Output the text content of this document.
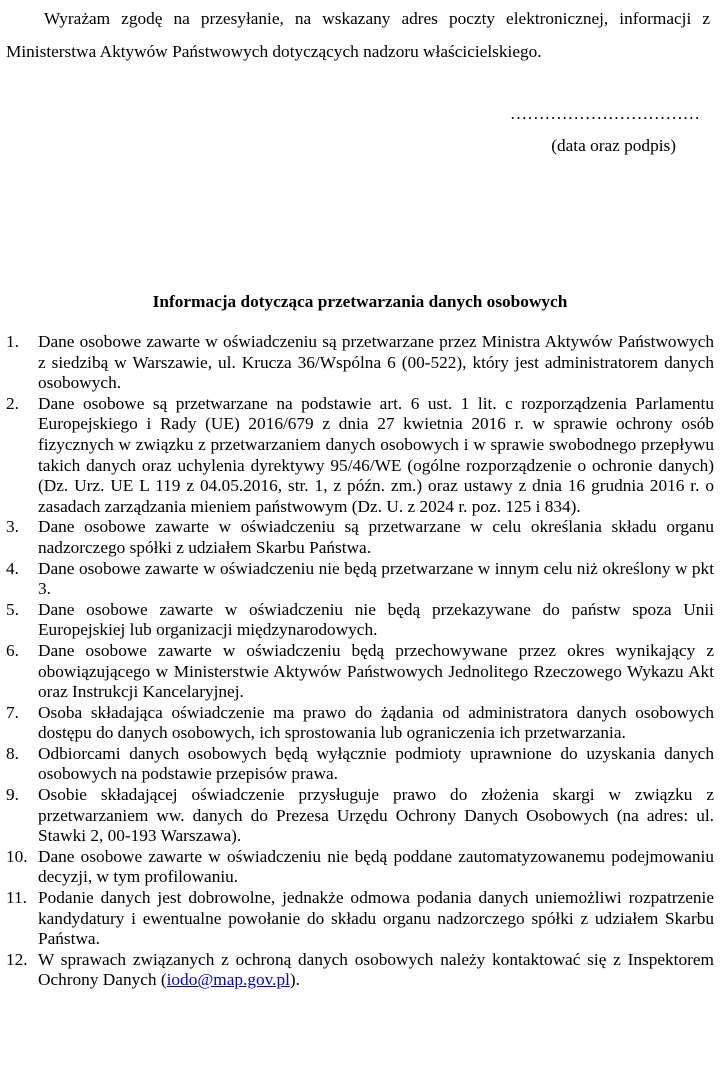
Wyrażam zgodę na przesyłanie, na wskazany adres poczty elektronicznej, informacji z Ministerstwa Aktywów Państwowych dotyczących nadzoru właścicielskiego.

……………………………

(data oraz podpis)

Informacja dotycząca przetwarzania danych osobowych
1.	Dane osobowe zawarte w oświadczeniu są przetwarzane przez Ministra Aktywów Państwowych z siedzibą w Warszawie, ul. Krucza 36/Wspólna 6 (00-522), który jest administratorem danych osobowych.
2.	Dane osobowe są przetwarzane na podstawie art. 6 ust. 1 lit. c rozporządzenia Parlamentu Europejskiego i Rady (UE) 2016/679 z dnia 27 kwietnia 2016 r. w sprawie ochrony osób fizycznych w związku z przetwarzaniem danych osobowych i w sprawie swobodnego przepływu takich danych oraz uchylenia dyrektywy 95/46/WE (ogólne rozporządzenie o ochronie danych) (Dz. Urz. UE L 119 z 04.05.2016, str. 1, z późn. zm.) oraz ustawy z dnia 16 grudnia 2016 r. o zasadach zarządzania mieniem państwowym (Dz. U. z 2024 r. poz. 125 i 834).
3.	Dane osobowe zawarte w oświadczeniu są przetwarzane w celu określania składu organu nadzorczego spółki z udziałem Skarbu Państwa.
4.	Dane osobowe zawarte w oświadczeniu nie będą przetwarzane w innym celu niż określony w pkt 3.
5.	Dane osobowe zawarte w oświadczeniu nie będą przekazywane do państw spoza Unii Europejskiej lub organizacji międzynarodowych.
6.	Dane osobowe zawarte w oświadczeniu będą przechowywane przez okres wynikający z obowiązującego w Ministerstwie Aktywów Państwowych Jednolitego Rzeczowego Wykazu Akt oraz Instrukcji Kancelaryjnej.
7.	Osoba składająca oświadczenie ma prawo do żądania od administratora danych osobowych dostępu do danych osobowych, ich sprostowania lub ograniczenia ich przetwarzania.
8.	Odbiorcami danych osobowych będą wyłącznie podmioty uprawnione do uzyskania danych osobowych na podstawie przepisów prawa.
9.	Osobie składającej oświadczenie przysługuje prawo do złożenia skargi w związku z przetwarzaniem ww. danych do Prezesa Urzędu Ochrony Danych Osobowych (na adres: ul. Stawki 2, 00-193 Warszawa).
10. Dane osobowe zawarte w oświadczeniu nie będą poddane zautomatyzowanemu podejmowaniu decyzji, w tym profilowaniu.
11. Podanie danych jest dobrowolne, jednakże odmowa podania danych uniemożliwi rozpatrzenie kandydatury i ewentualne powołanie do składu organu nadzorczego spółki z udziałem Skarbu Państwa.
12. W sprawach związanych z ochroną danych osobowych należy kontaktować się z Inspektorem Ochrony Danych (iodo@map.gov.pl).
